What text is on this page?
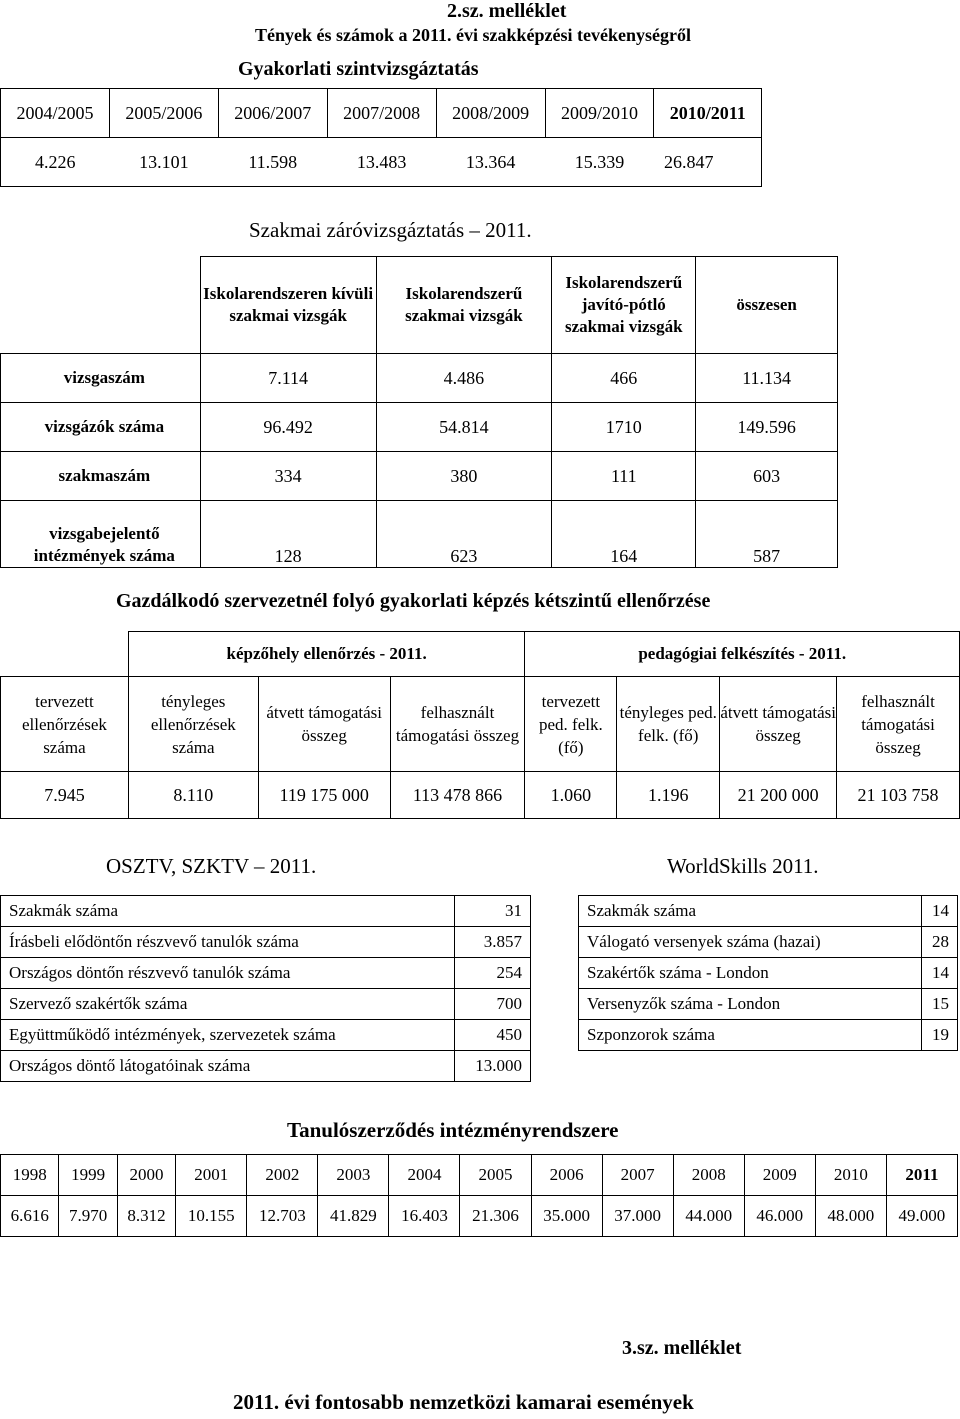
2.sz. melléklet
Tények és számok a 2011. évi szakképzési tevékenységről
Gyakorlati szintvizsgáztatás
2004/2005	2005/2006	2006/2007	2007/2008	2008/2009	2009/2010	2010/2011
4.226	13.101	11.598	13.483	13.364	15.339	26.847
Szakmai záróvizsgáztatás – 2011.
	Iskolarendszeren kívüli szakmai vizsgák	Iskolarendszerű szakmai vizsgák	Iskolarendszerű javító-pótló szakmai vizsgák	összesen
vizsgaszám	7.114	4.486	466	11.134
vizsgázók száma	96.492	54.814	1710	149.596
szakmaszám	334	380	111	603
vizsgabejelentő intézmények száma	128	623	164	587
Gazdálkodó szervezetnél folyó gyakorlati képzés kétszintű ellenőrzése
	képzőhely ellenőrzés - 2011.			pedagógiai felkészítés - 2011.			
tervezett ellenőrzések száma	tényleges ellenőrzések száma	átvett támogatási összeg	felhasznált támogatási összeg	tervezett ped. felk. (fő)	tényleges ped. felk. (fő)	átvett támogatási összeg	felhasznált támogatási összeg
7.945	8.110	119 175 000	113 478 866	1.060	1.196	21 200 000	21 103 758
OSZTV, SZKTV – 2011.	WorldSkills 2011.
Szakmák száma	31
Írásbeli elődöntőn részvevő tanulók száma	3.857
Országos döntőn részvevő tanulók száma	254
Szervező szakértők száma	700
Együttműködő intézmények, szervezetek száma	450
Országos döntő látogatóinak száma	13.000
Szakmák száma	14
Válogató versenyek száma (hazai)	28
Szakértők száma - London	14
Versenyzők száma - London	15
Szponzorok száma	19
Tanulószerződés intézményrendszere
1998	1999	2000	2001	2002	2003	2004	2005	2006	2007	2008	2009	2010	2011
6.616	7.970	8.312	10.155	12.703	41.829	16.403	21.306	35.000	37.000	44.000	46.000	48.000	49.000
3.sz. melléklet
2011. évi fontosabb nemzetközi kamarai események
